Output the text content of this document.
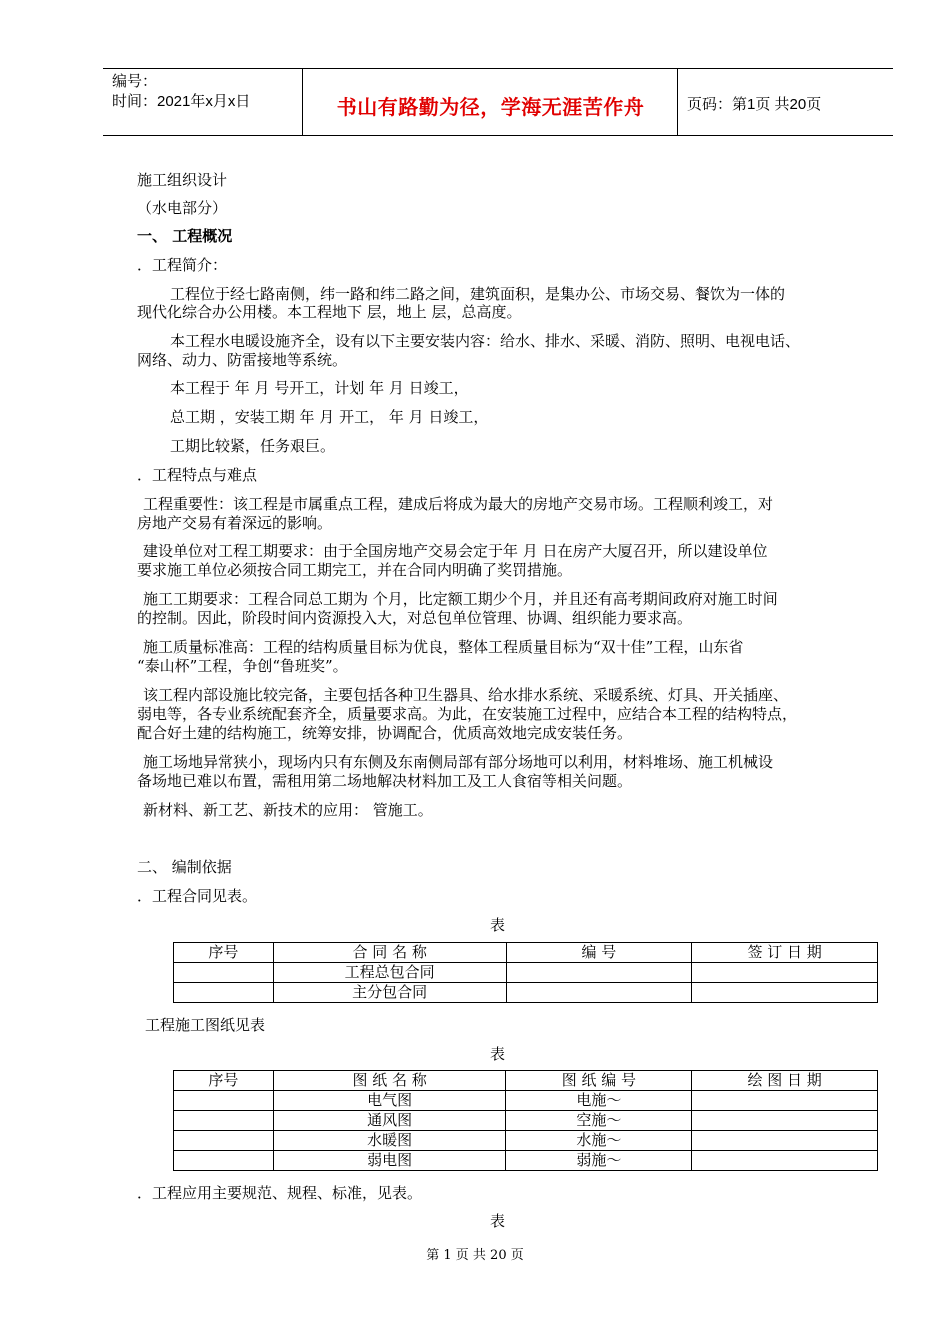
编号：
时间：2021年x月x日	书山有路勤为径，学海无涯苦作舟	页码：第1页 共20页
施工组织设计
（水电部分）
一、 工程概况
．工程简介：
工程位于经七路南侧，纬一路和纬二路之间，建筑面积，是集办公、市场交易、餐饮为一体的
现代化综合办公用楼。本工程地下 层，地上 层，总高度。
本工程水电暖设施齐全，设有以下主要安装内容：给水、排水、采暖、消防、照明、电视电话、
网络、动力、防雷接地等系统。
本工程于 年 月 号开工，计划 年 月 日竣工，
总工期 ，安装工期 年 月 开工， 年 月 日竣工，
工期比较紧，任务艰巨。
．工程特点与难点
工程重要性：该工程是市属重点工程，建成后将成为最大的房地产交易市场。工程顺利竣工，对
房地产交易有着深远的影响。
建设单位对工程工期要求：由于全国房地产交易会定于年 月 日在房产大厦召开，所以建设单位
要求施工单位必须按合同工期完工，并在合同内明确了奖罚措施。
施工工期要求：工程合同总工期为 个月，比定额工期少个月，并且还有高考期间政府对施工时间
的控制。因此，阶段时间内资源投入大，对总包单位管理、协调、组织能力要求高。
施工质量标准高：工程的结构质量目标为优良，整体工程质量目标为“双十佳”工程，山东省
“泰山杯”工程，争创“鲁班奖”。
该工程内部设施比较完备，主要包括各种卫生器具、给水排水系统、采暖系统、灯具、开关插座、
弱电等，各专业系统配套齐全，质量要求高。为此，在安装施工过程中，应结合本工程的结构特点，
配合好土建的结构施工，统筹安排，协调配合，优质高效地完成安装任务。
施工场地异常狭小，现场内只有东侧及东南侧局部有部分场地可以利用，材料堆场、施工机械设
备场地已难以布置，需租用第二场地解决材料加工及工人食宿等相关问题。
新材料、新工艺、新技术的应用： 管施工。
二、 编制依据
．工程合同见表。
表
序号	合 同 名 称	编 号	签 订 日 期
	工程总包合同		
	主分包合同		
工程施工图纸见表
表
序号	图 纸 名 称	图 纸 编 号	绘 图 日 期
	电气图	电施～	
	通风图	空施～	
	水暖图	水施～	
	弱电图	弱施～	
．工程应用主要规范、规程、标准，见表。
表
第 1 页 共 20 页
